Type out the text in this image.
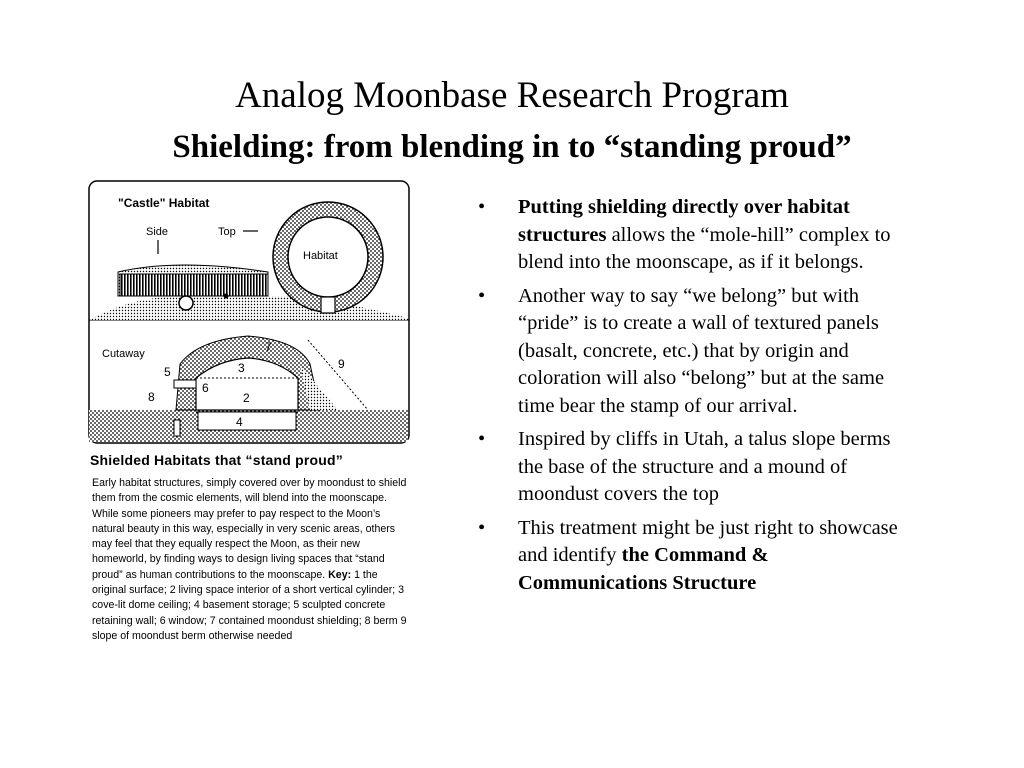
Analog Moonbase Research Program
Shielding: from blending in to “standing proud”
"Castle" Habitat
Side	Top
Habitat
Cutaway	7
3
5
6
2
8
4
9
Shielded Habitats that “stand proud”
Early habitat structures, simply covered over by moondust to shield them from the cosmic elements, will blend into the moonscape. While some pioneers may prefer to pay respect to the Moon’s natural beauty in this way, especially in very scenic areas, others may feel that they equally respect the Moon, as their new homeworld, by finding ways to design living spaces that “stand proud” as human contributions to the moonscape. Key: 1 the original surface; 2 living space interior of a short vertical cylinder; 3 cove-lit dome ceiling; 4 basement storage; 5 sculpted concrete retaining wall; 6 window; 7 contained moondust shielding; 8 berm 9 slope of moondust berm otherwise needed
• Putting shielding directly over habitat structures allows the “mole-hill” complex to blend into the moonscape, as if it belongs.
• Another way to say “we belong” but with “pride” is to create a wall of textured panels (basalt, concrete, etc.) that by origin and coloration will also “belong” but at the same time bear the stamp of our arrival.
• Inspired by cliffs in Utah, a talus slope berms the base of the structure and a mound of moondust covers the top
• This treatment might be just right to showcase and identify the Command & Communications Structure
